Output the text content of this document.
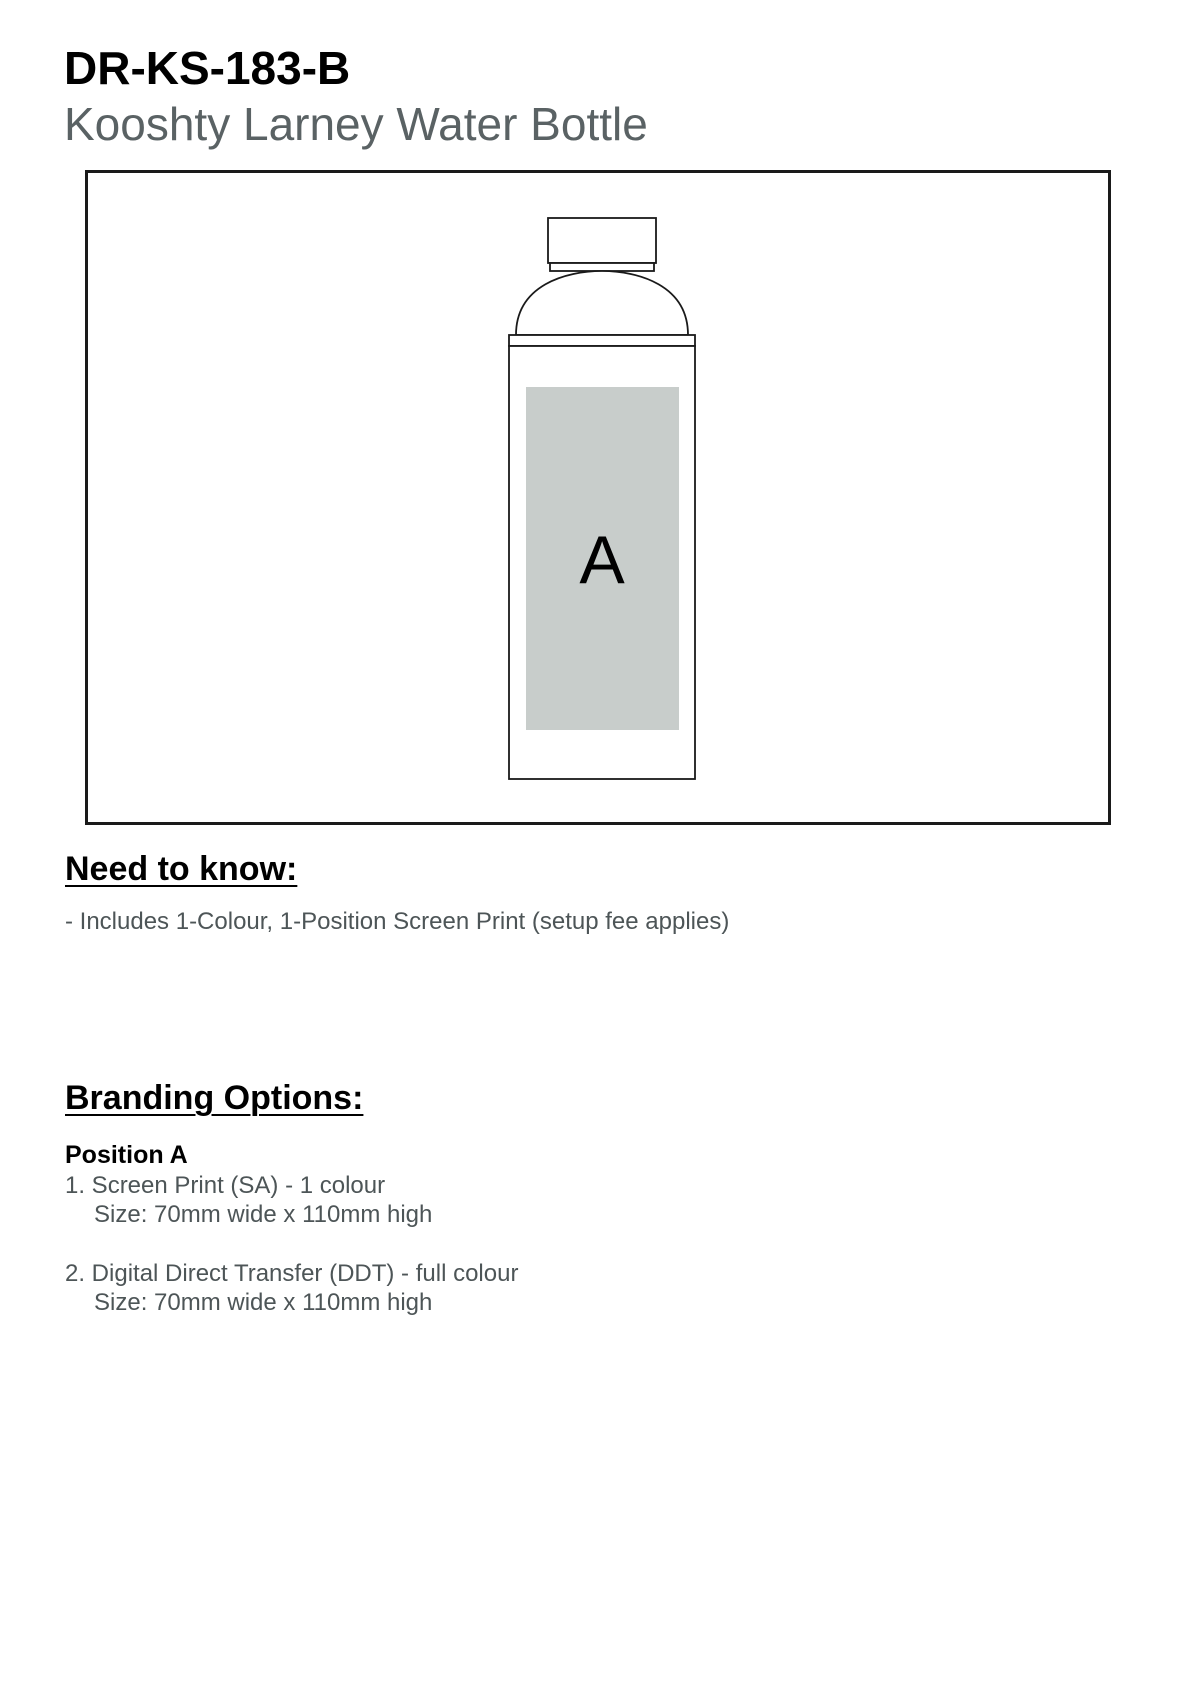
DR-KS-183-B
Kooshty Larney Water Bottle
A
Need to know:
- Includes 1-Colour, 1-Position Screen Print (setup fee applies)
Branding Options:
Position A
1. Screen Print (SA) - 1 colour
Size: 70mm wide x 110mm high
2. Digital Direct Transfer (DDT) - full colour
Size: 70mm wide x 110mm high
